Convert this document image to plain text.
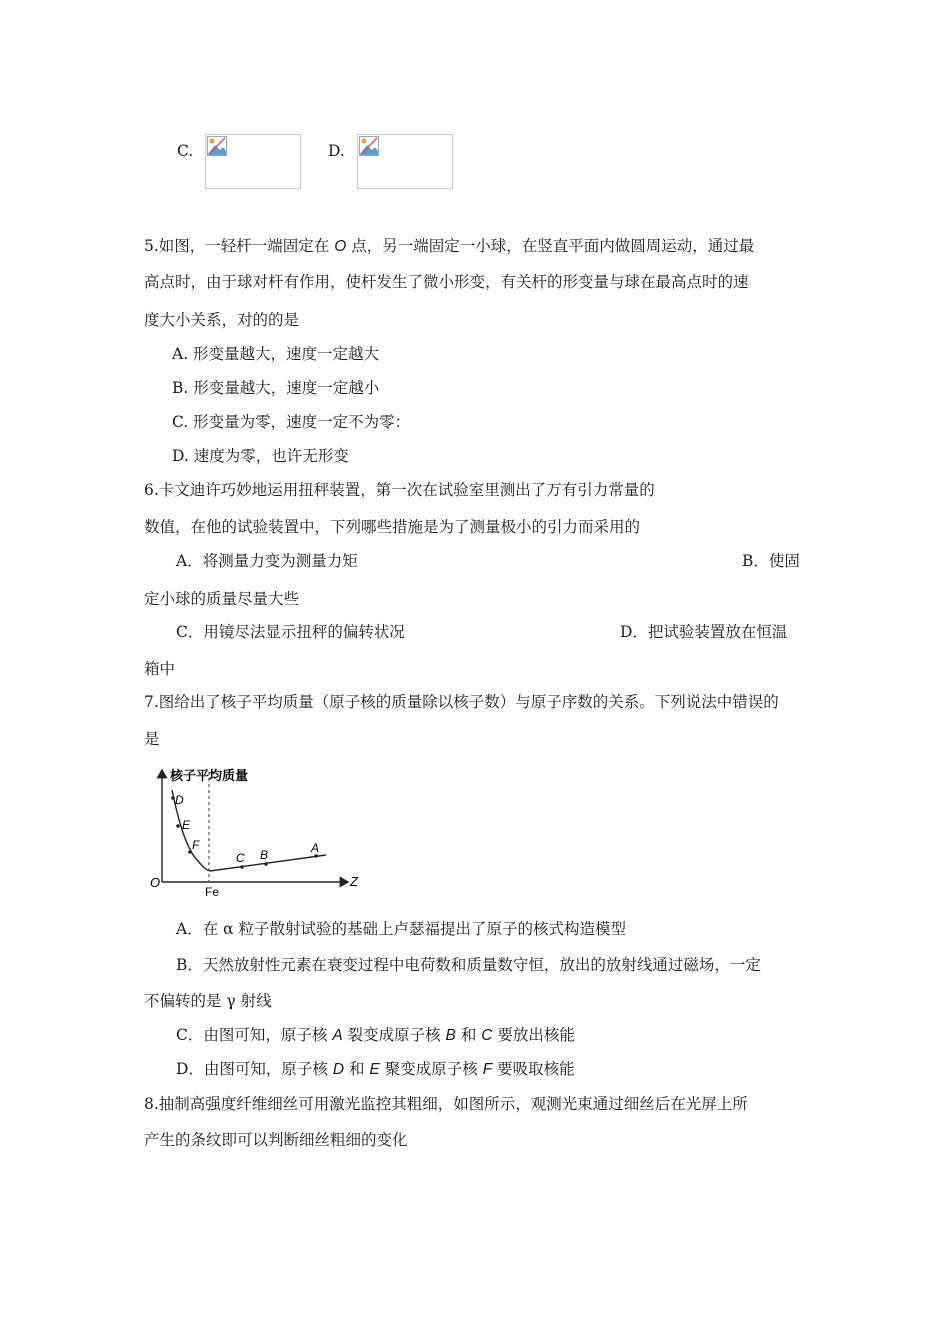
C.	D.
5.如图，一轻杆一端固定在 O 点，另一端固定一小球，在竖直平面内做圆周运动，通过最
高点时，由于球对杆有作用，使杆发生了微小形变，有关杆的形变量与球在最高点时的速
度大小关系，对的的是
A. 形变量越大，速度一定越大
B. 形变量越大，速度一定越小
C. 形变量为零，速度一定不为零：
D. 速度为零，也许无形变
6.卡文迪许巧妙地运用扭秤装置，第一次在试验室里测出了万有引力常量的
数值，在他的试验装置中，下列哪些措施是为了测量极小的引力而采用的
A．将测量力变为测量力矩	B．使固
定小球的质量尽量大些
C．用镜尽法显示扭秤的偏转状况	D．把试验装置放在恒温
箱中
7.图给出了核子平均质量（原子核的质量除以核子数）与原子序数的关系。下列说法中错误的
是
核子平均质量
D
E
F
C B	A
O
Fe
Z
A．在 α 粒子散射试验的基础上卢瑟福提出了原子的核式构造模型
B．天然放射性元素在衰变过程中电荷数和质量数守恒，放出的放射线通过磁场，一定
不偏转的是 γ 射线
C．由图可知，原子核 A 裂变成原子核 B 和 C 要放出核能
D．由图可知，原子核 D 和 E 聚变成原子核 F 要吸取核能
8.抽制高强度纤维细丝可用激光监控其粗细，如图所示，观测光束通过细丝后在光屏上所
产生的条纹即可以判断细丝粗细的变化
